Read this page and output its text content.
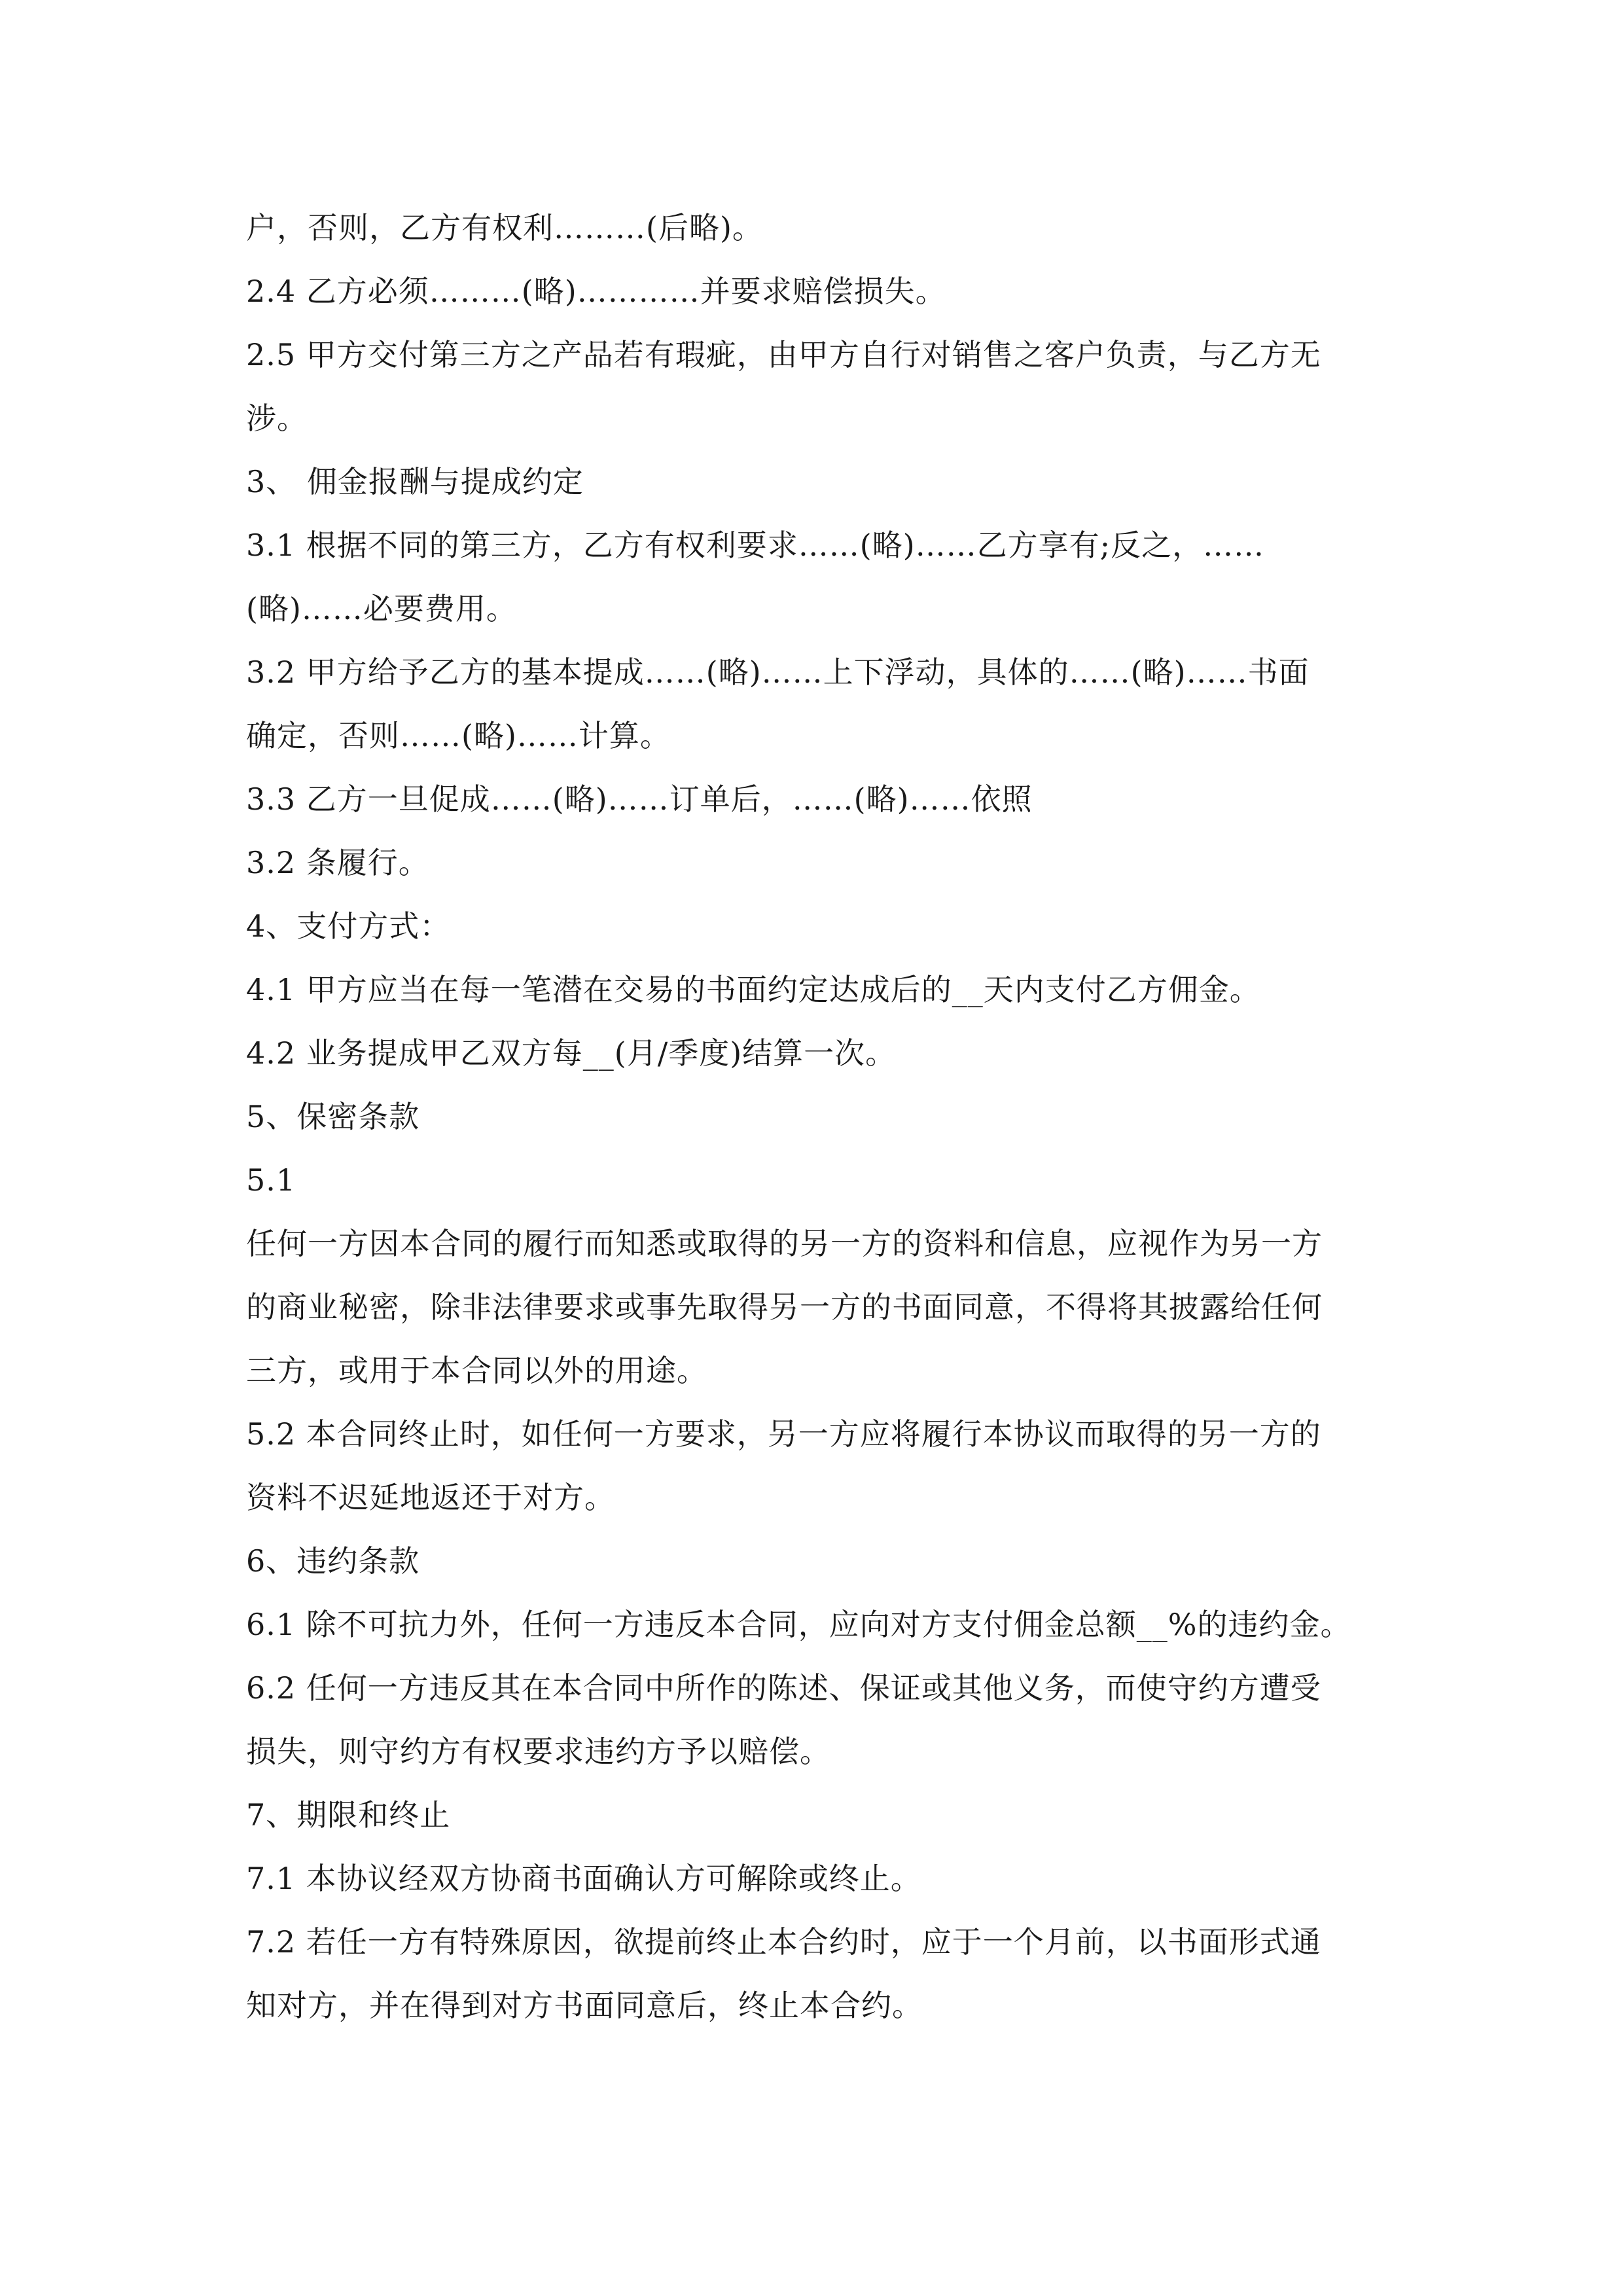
户，否则，乙方有权利………(后略)。
2.4 乙方必须………(略)…………并要求赔偿损失。
2.5 甲方交付第三方之产品若有瑕疵，由甲方自行对销售之客户负责，与乙方无
涉。
3、 佣金报酬与提成约定
3.1 根据不同的第三方，乙方有权利要求……(略)……乙方享有;反之，……
(略)……必要费用。
3.2 甲方给予乙方的基本提成……(略)……上下浮动，具体的……(略)……书面
确定，否则……(略)……计算。
3.3 乙方一旦促成……(略)……订单后，……(略)……依照
3.2 条履行。
4、支付方式：
4.1 甲方应当在每一笔潜在交易的书面约定达成后的__天内支付乙方佣金。
4.2 业务提成甲乙双方每__(月/季度)结算一次。
5、保密条款
5.1
任何一方因本合同的履行而知悉或取得的另一方的资料和信息，应视作为另一方
的商业秘密，除非法律要求或事先取得另一方的书面同意，不得将其披露给任何
三方，或用于本合同以外的用途。
5.2 本合同终止时，如任何一方要求，另一方应将履行本协议而取得的另一方的
资料不迟延地返还于对方。
6、违约条款
6.1 除不可抗力外，任何一方违反本合同，应向对方支付佣金总额__%的违约金。
6.2 任何一方违反其在本合同中所作的陈述、保证或其他义务，而使守约方遭受
损失，则守约方有权要求违约方予以赔偿。
7、期限和终止
7.1 本协议经双方协商书面确认方可解除或终止。
7.2 若任一方有特殊原因，欲提前终止本合约时，应于一个月前，以书面形式通
知对方，并在得到对方书面同意后，终止本合约。
